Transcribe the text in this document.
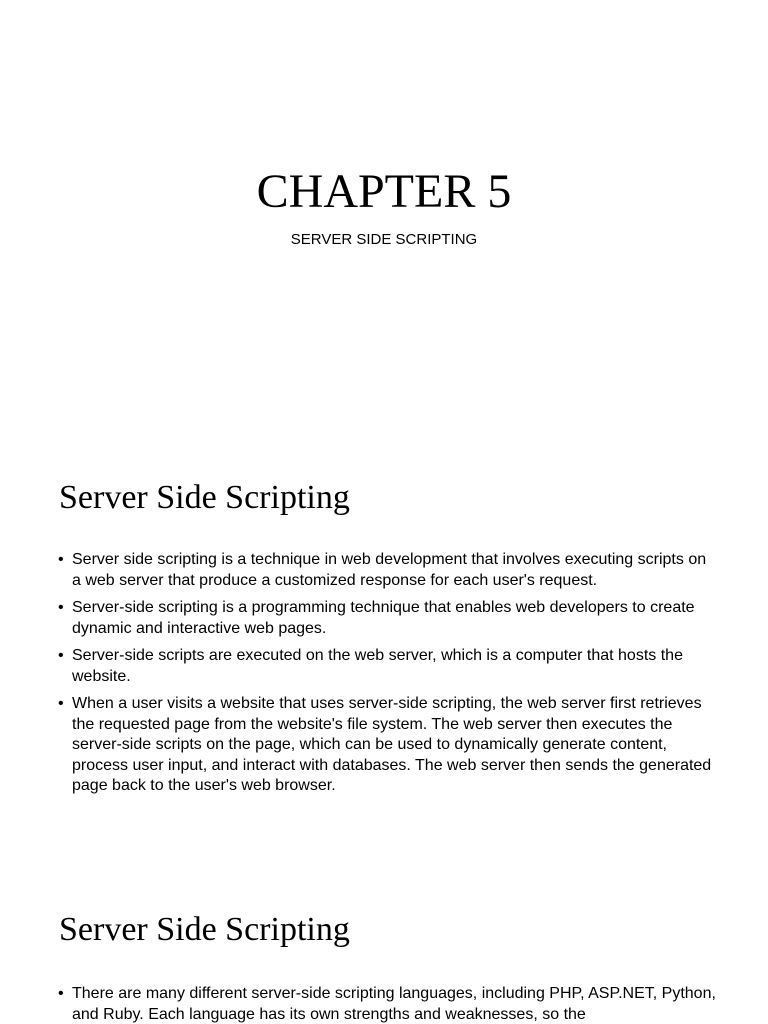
CHAPTER 5

SERVER SIDE SCRIPTING

Server Side Scripting
• Server side scripting is a technique in web development that involves executing scripts on a web server that produce a customized response for each user's request.
• Server-side scripting is a programming technique that enables web developers to create dynamic and interactive web pages.
• Server-side scripts are executed on the web server, which is a computer that hosts the website.
• When a user visits a website that uses server-side scripting, the web server first retrieves the requested page from the website's file system. The web server then executes the server-side scripts on the page, which can be used to dynamically generate content, process user input, and interact with databases. The web server then sends the generated page back to the user's web browser.
Server Side Scripting
• There are many different server-side scripting languages, including PHP, ASP.NET, Python, and Ruby. Each language has its own strengths and weaknesses, so the
